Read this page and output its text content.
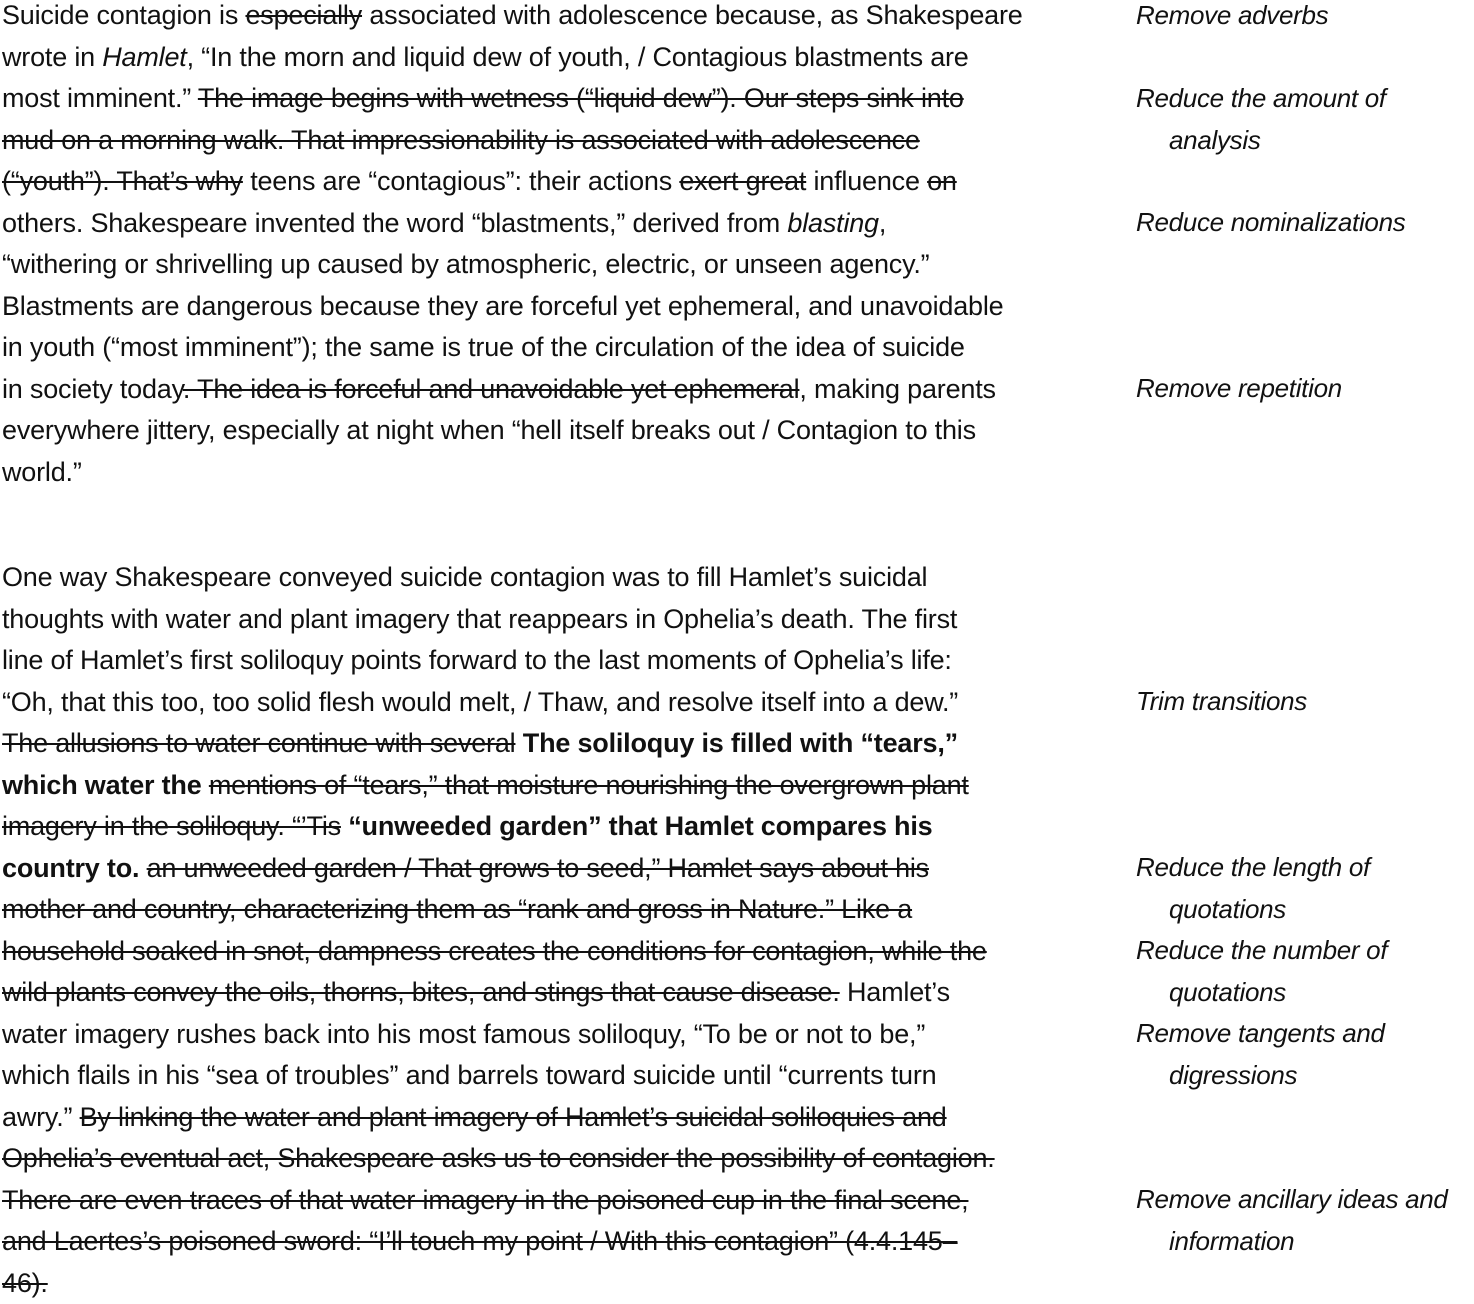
Suicide contagion is especially associated with adolescence because, as Shakespeare
wrote in Hamlet, “In the morn and liquid dew of youth, / Contagious blastments are
most imminent.” The image begins with wetness (“liquid dew”). Our steps sink into
mud on a morning walk. That impressionability is associated with adolescence
(“youth”). That’s why teens are “contagious”: their actions exert great influence on
others. Shakespeare invented the word “blastments,” derived from blasting,
“withering or shrivelling up caused by atmospheric, electric, or unseen agency.”
Blastments are dangerous because they are forceful yet ephemeral, and unavoidable
in youth (“most imminent”); the same is true of the circulation of the idea of suicide
in society today. The idea is forceful and unavoidable yet ephemeral, making parents
everywhere jittery, especially at night when “hell itself breaks out / Contagion to this
world.”
One way Shakespeare conveyed suicide contagion was to fill Hamlet’s suicidal
thoughts with water and plant imagery that reappears in Ophelia’s death. The first
line of Hamlet’s first soliloquy points forward to the last moments of Ophelia’s life:
“Oh, that this too, too solid flesh would melt, / Thaw, and resolve itself into a dew.”
The allusions to water continue with several The soliloquy is filled with “tears,”
which water the mentions of “tears,” that moisture nourishing the overgrown plant
imagery in the soliloquy. “’Tis “unweeded garden” that Hamlet compares his
country to. an unweeded garden / That grows to seed,” Hamlet says about his
mother and country, characterizing them as “rank and gross in Nature.” Like a
household soaked in snot, dampness creates the conditions for contagion, while the
wild plants convey the oils, thorns, bites, and stings that cause disease. Hamlet’s
water imagery rushes back into his most famous soliloquy, “To be or not to be,”
which flails in his “sea of troubles” and barrels toward suicide until “currents turn
awry.” By linking the water and plant imagery of Hamlet’s suicidal soliloquies and
Ophelia’s eventual act, Shakespeare asks us to consider the possibility of contagion.
There are even traces of that water imagery in the poisoned cup in the final scene,
and Laertes’s poisoned sword: “I’ll touch my point / With this contagion” (4.4.145–
46).
Remove adverbs
Reduce the amount of
analysis
Reduce nominalizations
Remove repetition
Trim transitions
Reduce the length of
quotations
Reduce the number of
quotations
Remove tangents and
digressions
Remove ancillary ideas and
information
